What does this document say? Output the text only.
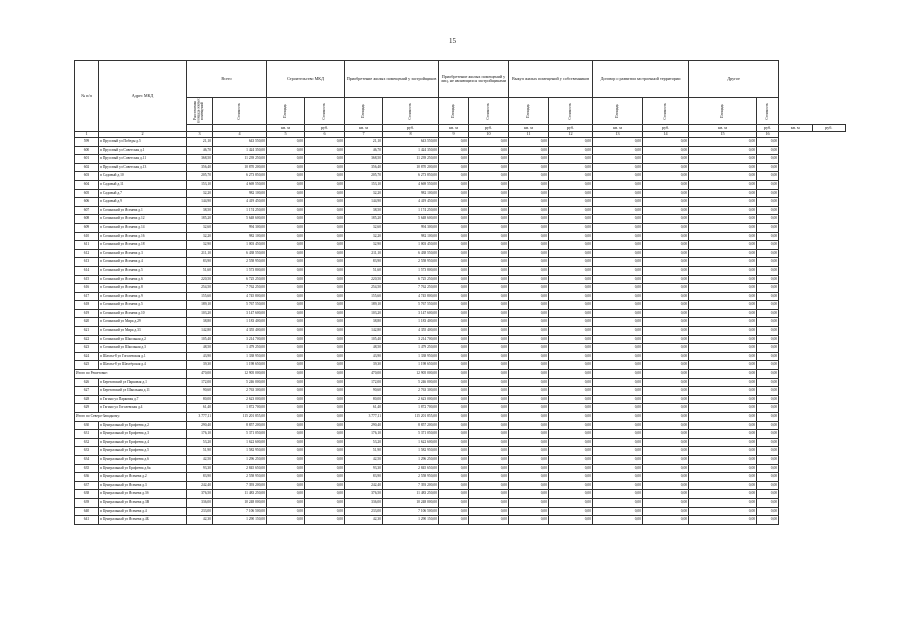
15
№ п/п	Адрес МКД	Всего		Строительство МКД		Приобретение жилых помещений у застройщиков		Приобретение жилых помещений у лиц, не являющихся застройщиками		Выкуп жилых помещений у собственников		Договор о развитии застроенной территории		Другое			

		Расселяемая площадь жилых помещений	Стоимость	Площадь	Стоимость	Площадь	Стоимость	Площадь	Стоимость	Площадь	Стоимость	Площадь	Стоимость	Площадь	Стоимость		

				кв. м	руб.	кв. м	руб.	кв. м	руб.	кв. м	руб.	кв. м	руб.	кв. м	руб.	кв. м	руб.
1	2	3	4	5	6	7	8	9	10	11	12	13	14	15	16		
599	п Пруссвый ул Победы д.5	21,10	643 550,00	0,00	0,00	21,10	643 550,00	0,00	0,00	0,00	0,00	0,00	0,00	0,00	0,00		
600	п Пруссвый ул Советская д.1	46,70	1 424 350,00	0,00	0,00	46,70	1 424 350,00	0,00	0,00	0,00	0,00	0,00	0,00	0,00	0,00		
601	п Пруссвый ул Советская д.11	368,50	11 239 250,00	0,00	0,00	368,50	11 239 250,00	0,00	0,00	0,00	0,00	0,00	0,00	0,00	0,00		
602	п Пруссвый ул Советская д.13	356,40	10 870 200,00	0,00	0,00	356,40	10 870 200,00	0,00	0,00	0,00	0,00	0,00	0,00	0,00	0,00		
603	п Садовый д.10	205,70	6 273 850,00	0,00	0,00	205,70	6 273 850,00	0,00	0,00	0,00	0,00	0,00	0,00	0,00	0,00		
604	п Садовый д.11	153,10	4 669 550,00	0,00	0,00	153,10	4 669 550,00	0,00	0,00	0,00	0,00	0,00	0,00	0,00	0,00		
605	п Садовый д.7	32,20	982 100,00	0,00	0,00	32,20	982 100,00	0,00	0,00	0,00	0,00	0,00	0,00	0,00	0,00		
606	п Садовый д.9	144,90	4 419 450,00	0,00	0,00	144,90	4 419 450,00	0,00	0,00	0,00	0,00	0,00	0,00	0,00	0,00		
607	п Сочинский ул Ясенева д.1	38,50	1 174 250,00	0,00	0,00	38,50	1 174 250,00	0,00	0,00	0,00	0,00	0,00	0,00	0,00	0,00		
608	п Сочинский ул Ясенева д.12	185,20	5 648 600,00	0,00	0,00	185,20	5 648 600,00	0,00	0,00	0,00	0,00	0,00	0,00	0,00	0,00		
609	п Сочинский ул Ясенева д.14	32,60	994 300,00	0,00	0,00	32,60	994 300,00	0,00	0,00	0,00	0,00	0,00	0,00	0,00	0,00		
610	п Сочинский ул Ясенева д.16	32,20	982 100,00	0,00	0,00	32,20	982 100,00	0,00	0,00	0,00	0,00	0,00	0,00	0,00	0,00		
611	п Сочинский ул Ясенева д.18	32,90	1 003 450,00	0,00	0,00	32,90	1 003 450,00	0,00	0,00	0,00	0,00	0,00	0,00	0,00	0,00		
612	п Сочинский ул Ясенева д.3	211,10	6 438 550,00	0,00	0,00	211,10	6 438 550,00	0,00	0,00	0,00	0,00	0,00	0,00	0,00	0,00		
613	п Сочинский ул Ясенева д.4	83,90	2 558 950,00	0,00	0,00	83,90	2 558 950,00	0,00	0,00	0,00	0,00	0,00	0,00	0,00	0,00		
614	п Сочинский ул Ясенева д.5	51,60	1 573 800,00	0,00	0,00	51,60	1 573 800,00	0,00	0,00	0,00	0,00	0,00	0,00	0,00	0,00		
615	п Сочинский ул Ясенева д.6	220,50	6 725 250,00	0,00	0,00	220,50	6 725 250,00	0,00	0,00	0,00	0,00	0,00	0,00	0,00	0,00		
616	п Сочинский ул Ясенева д.8	254,50	7 762 250,00	0,00	0,00	254,50	7 762 250,00	0,00	0,00	0,00	0,00	0,00	0,00	0,00	0,00		
617	п Сочинский ул Ясенева д.9	155,60	4 745 800,00	0,00	0,00	155,60	4 745 800,00	0,00	0,00	0,00	0,00	0,00	0,00	0,00	0,00		
618	п Сочинский ул Ясенева д.5	189,10	5 767 550,00	0,00	0,00	189,10	5 767 550,00	0,00	0,00	0,00	0,00	0,00	0,00	0,00	0,00		
619	п Сочинский ул Ясенева д.10	103,20	3 147 600,00	0,00	0,00	103,20	3 147 600,00	0,00	0,00	0,00	0,00	0,00	0,00	0,00	0,00		
620	п Сочинский ул Мира д.29	38,80	1 183 400,00	0,00	0,00	38,80	1 183 400,00	0,00	0,00	0,00	0,00	0,00	0,00	0,00	0,00		
621	п Сочинский ул Мира д.33	142,80	4 355 400,00	0,00	0,00	142,80	4 355 400,00	0,00	0,00	0,00	0,00	0,00	0,00	0,00	0,00		
622	п Сочинский ул Школьная д.2	105,40	3 214 700,00	0,00	0,00	105,40	3 214 700,00	0,00	0,00	0,00	0,00	0,00	0,00	0,00	0,00		
623	п Сочинский ул Школьная д.3	48,50	1 479 250,00	0,00	0,00	48,50	1 479 250,00	0,00	0,00	0,00	0,00	0,00	0,00	0,00	0,00		
624	п Шахты-8 ул Гоголевская д.1	43,90	1 338 950,00	0,00	0,00	43,90	1 338 950,00	0,00	0,00	0,00	0,00	0,00	0,00	0,00	0,00		
625	п Шахты-8 ул Шахтёрская д.4	39,30	1 198 650,00	0,00	0,00	39,30	1 198 650,00	0,00	0,00	0,00	0,00	0,00	0,00	0,00	0,00		
Итого по Решетовке:		470,00	12 905 000,00	0,00	0,00	470,00	12 905 000,00	0,00	0,00	0,00	0,00	0,00	0,00	0,00	0,00		
626	п Березовский ул Парковая д.1	172,00	5 246 000,00	0,00	0,00	172,00	5 246 000,00	0,00	0,00	0,00	0,00	0,00	0,00	0,00	0,00		
627	п Березовский ул Школьная д.11	90,60	2 763 300,00	0,00	0,00	90,60	2 763 300,00	0,00	0,00	0,00	0,00	0,00	0,00	0,00	0,00		
628	п Гагино ул Парковая д.7	80,00	2 623 000,00	0,00	0,00	80,00	2 623 000,00	0,00	0,00	0,00	0,00	0,00	0,00	0,00	0,00		
629	п Гагино ул Гоголевская д.4	61,40	1 872 700,00	0,00	0,00	61,40	1 872 700,00	0,00	0,00	0,00	0,00	0,00	0,00	0,00	0,00		
Итого по Северо-Западному:		3 777,11	115 201 855,00	0,00	0,00	3 777,11	115 201 855,00	0,00	0,00	0,00	0,00	0,00	0,00	0,00	0,00		
630	п Центральный ул Ерофеева д.2	290,40	8 857 200,00	0,00	0,00	290,40	8 857 200,00	0,00	0,00	0,00	0,00	0,00	0,00	0,00	0,00		
631	п Центральный ул Ерофеева д.3	176,10	5 371 050,00	0,00	0,00	176,10	5 371 050,00	0,00	0,00	0,00	0,00	0,00	0,00	0,00	0,00		
632	п Центральный ул Ерофеева д.4	53,20	1 622 600,00	0,00	0,00	53,20	1 622 600,00	0,00	0,00	0,00	0,00	0,00	0,00	0,00	0,00		
633	п Центральный ул Ерофеева д.5	51,90	1 582 950,00	0,00	0,00	51,90	1 582 950,00	0,00	0,00	0,00	0,00	0,00	0,00	0,00	0,00		
634	п Центральный ул Ерофеева д.6	42,50	1 296 250,00	0,00	0,00	42,50	1 296 250,00	0,00	0,00	0,00	0,00	0,00	0,00	0,00	0,00		
635	п Центральный ул Ерофеева д.6а	93,30	2 845 650,00	0,00	0,00	93,30	2 845 650,00	0,00	0,00	0,00	0,00	0,00	0,00	0,00	0,00		
636	п Центральный ул Ясенева д.2	83,90	2 558 950,00	0,00	0,00	83,90	2 558 950,00	0,00	0,00	0,00	0,00	0,00	0,00	0,00	0,00		
637	п Центральный ул Ясенева д.3	242,40	7 393 200,00	0,00	0,00	242,40	7 393 200,00	0,00	0,00	0,00	0,00	0,00	0,00	0,00	0,00		
638	п Центральный ул Ясенева д.3б	376,50	11 483 250,00	0,00	0,00	376,50	11 483 250,00	0,00	0,00	0,00	0,00	0,00	0,00	0,00	0,00		
639	п Центральный ул Ясенева д.3В	336,00	10 248 000,00	0,00	0,00	336,00	10 248 000,00	0,00	0,00	0,00	0,00	0,00	0,00	0,00	0,00		
640	п Центральный ул Ясенева д.4	233,00	7 106 500,00	0,00	0,00	233,00	7 106 500,00	0,00	0,00	0,00	0,00	0,00	0,00	0,00	0,00		
641	п Центральный ул Ясенева д.4Б	42,30	1 290 150,00	0,00	0,00	42,30	1 290 150,00	0,00	0,00	0,00	0,00	0,00	0,00	0,00	0,00		
